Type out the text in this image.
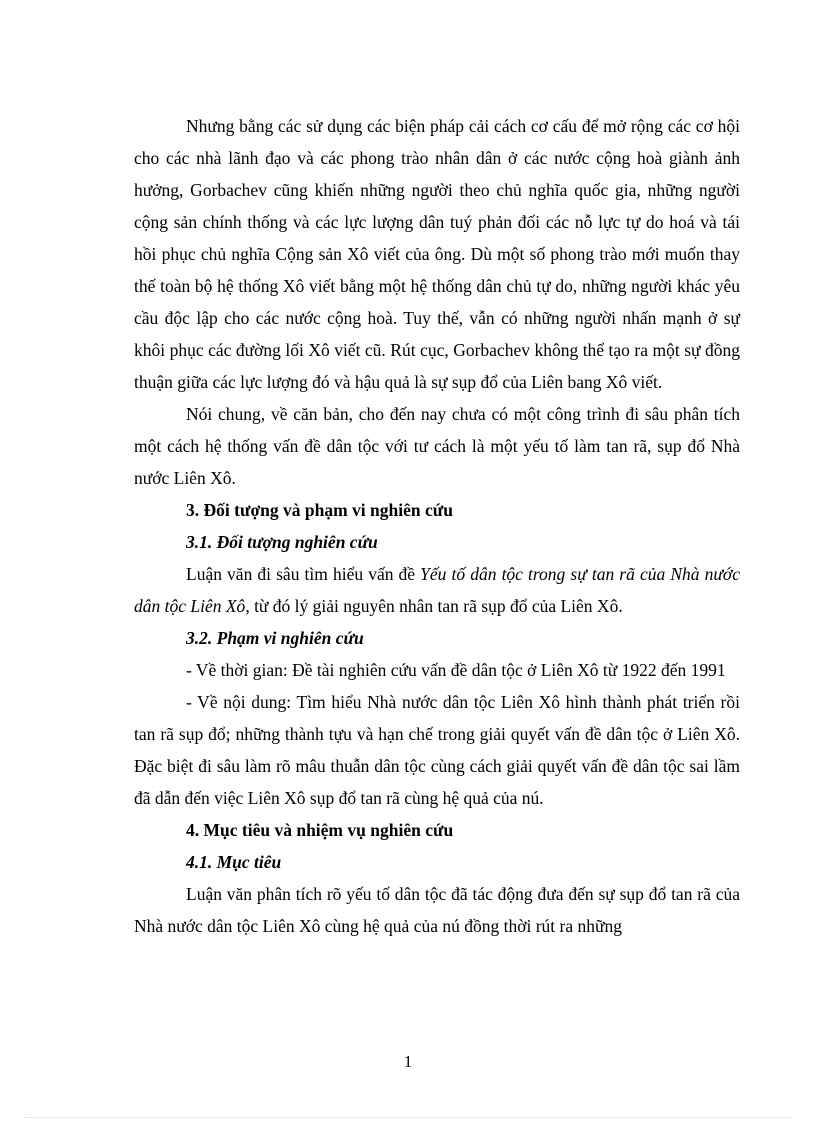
Nhưng bằng các sử dụng các biện pháp cải cách cơ cấu để mở rộng các cơ hội cho các nhà lãnh đạo và các phong trào nhân dân ở các nước cộng hoà giành ảnh hưởng, Gorbachev cũng khiến những người theo chủ nghĩa quốc gia, những người cộng sản chính thống và các lực lượng dân tuý phản đối các nỗ lực tự do hoá và tái hồi phục chủ nghĩa Cộng sản Xô viết của ông. Dù một số phong trào mới muốn thay thế toàn bộ hệ thống Xô viết bằng một hệ thống dân chủ tự do, những người khác yêu cầu độc lập cho các nước cộng hoà. Tuy thế, vẫn có những người nhấn mạnh ở sự khôi phục các đường lối Xô viết cũ. Rút cục, Gorbachev không thể tạo ra một sự đồng thuận giữa các lực lượng đó và hậu quả là sự sụp đổ của Liên bang Xô viết.

Nói chung, về căn bản, cho đến nay chưa có một công trình đi sâu phân tích một cách hệ thống vấn đề dân tộc với tư cách là một yếu tố làm tan rã, sụp đổ Nhà nước Liên Xô.

3. Đối tượng và phạm vi nghiên cứu

3.1. Đối tượng nghiên cứu

Luận văn đi sâu tìm hiểu vấn đề Yếu tố dân tộc trong sự tan rã của Nhà nước dân tộc Liên Xô, từ đó lý giải nguyên nhân tan rã sụp đổ của Liên Xô.

3.2. Phạm vi nghiên cứu

- Về thời gian: Đề tài nghiên cứu vấn đề dân tộc ở Liên Xô từ 1922 đến 1991

- Về nội dung: Tìm hiểu Nhà nước dân tộc Liên Xô hình thành phát triển rồi tan rã sụp đổ; những thành tựu và hạn chế trong giải quyết vấn đề dân tộc ở Liên Xô. Đặc biệt đi sâu làm rõ mâu thuẫn dân tộc cùng cách giải quyết vấn đề dân tộc sai lầm đã dẫn đến việc Liên Xô sụp đổ tan rã cùng hệ quả của nú.

4. Mục tiêu và nhiệm vụ nghiên cứu

4.1. Mục tiêu

Luận văn phân tích rõ yếu tố dân tộc đã tác động đưa đến sự sụp đổ tan rã của Nhà nước dân tộc Liên Xô cùng hệ quả của nú đồng thời rút ra những

1
